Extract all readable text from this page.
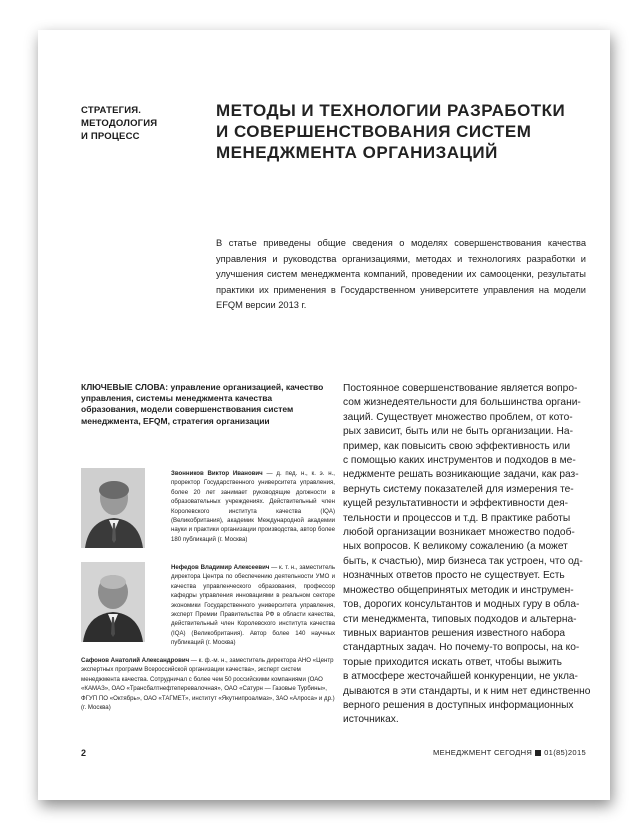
СТРАТЕГИЯ.
МЕТОДОЛОГИЯ
И ПРОЦЕСС
МЕТОДЫ И ТЕХНОЛОГИИ РАЗРАБОТКИ
И СОВЕРШЕНСТВОВАНИЯ СИСТЕМ
МЕНЕДЖМЕНТА ОРГАНИЗАЦИЙ
В статье приведены общие сведения о моделях совершенствования качества управления и руководства организациями, методах и технологиях разработки и улучшения систем менеджмента компаний, проведении их самооценки, результаты практики их применения в Государственном университете управления на модели EFQM версии 2013 г.
КЛЮЧЕВЫЕ СЛОВА: управление организацией, качество управления, системы менеджмента качества образования, модели совершенствования систем менеджмента, EFQM, стратегия организации
Постоянное совершенствование является вопро-
сом жизнедеятельности для большинства органи-
заций. Существует множество проблем, от кото-
рых зависит, быть или не быть организации. На-
пример, как повысить свою эффективность или
с помощью каких инструментов и подходов в ме-
неджменте решать возникающие задачи, как раз-
вернуть систему показателей для измерения те-
кущей результативности и эффективности дея-
тельности и процессов и т.д. В практике работы
любой организации возникает множество подоб-
ных вопросов. К великому сожалению (а может
быть, к счастью), мир бизнеса так устроен, что од-
нозначных ответов просто не существует. Есть
множество общепринятых методик и инструмен-
тов, дорогих консультантов и модных гуру в обла-
сти менеджмента, типовых подходов и альтерна-
тивных вариантов решения известного набора
стандартных задач. Но почему-то вопросы, на ко-
торые приходится искать ответ, чтобы выжить
в атмосфере жесточайшей конкуренции, не укла-
дываются в эти стандарты, и к ним нет единственно
верного решения в доступных информационных
источниках.
Звонников Виктор Иванович — д. пед. н., к. э. н., проректор Государственного университета управления, более 20 лет занимает руководящие должности в образовательных учреждениях. Действительный член Королевского института качества (IQA) (Великобритания), академик Международной академии науки и практики организации производства, автор более 180 публикаций (г. Москва)
Нефедов Владимир Алексеевич — к. т. н., заместитель директора Центра по обеспечению деятельности УМО и качества управленческого образования, профессор кафедры управления инновациями в реальном секторе экономики Государственного университета управления, эксперт Премии Правительства РФ в области качества, действительный член Королевского института качества (IQA) (Великобритания). Автор более 140 научных публикаций (г. Москва)
Сафонов Анатолий Александрович — к. ф.-м. н., заместитель директора АНО «Центр экспертных программ Всероссийской организации качества», эксперт систем менеджмента качества. Сотрудничал с более чем 50 российскими компаниями (ОАО «КАМАЗ», ОАО «Трансбалтнефтеперевалочная», ОАО «Сатурн — Газовые Турбины», ФГУП ПО «Октябрь», ОАО «ТАГМЕТ», институт «Якутнипроалмаз», ЗАО «Алроса» и др.) (г. Москва)
2	МЕНЕДЖМЕНТ СЕГОДНЯ 01(85)2015
